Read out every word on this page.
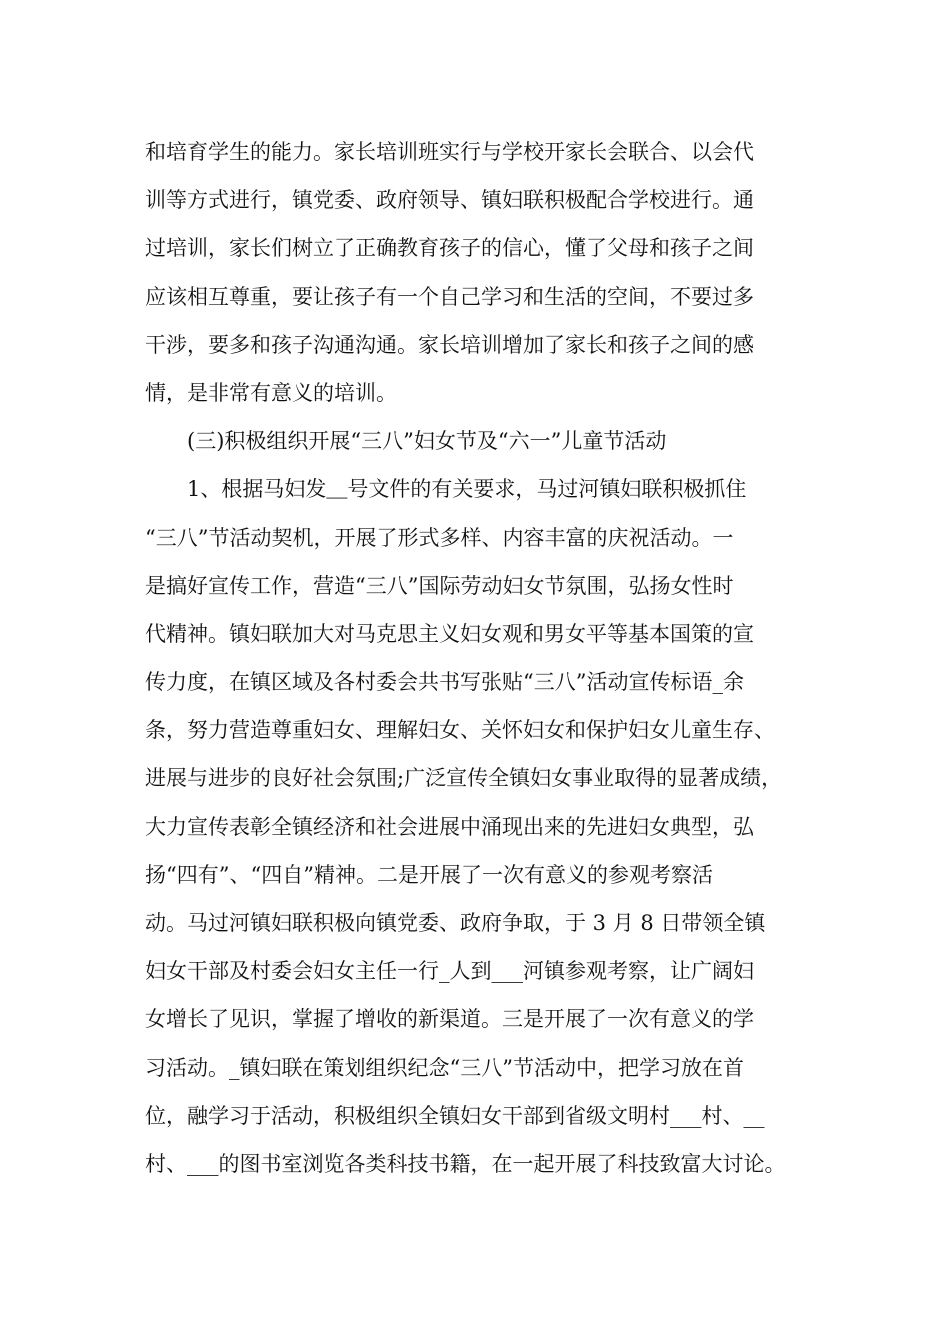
和培育学生的能力。家长培训班实行与学校开家长会联合、以会代
训等方式进行，镇党委、政府领导、镇妇联积极配合学校进行。通
过培训，家长们树立了正确教育孩子的信心，懂了父母和孩子之间
应该相互尊重，要让孩子有一个自己学习和生活的空间，不要过多
干涉，要多和孩子沟通沟通。家长培训增加了家长和孩子之间的感
情，是非常有意义的培训。
(三)积极组织开展“三八”妇女节及“六一”儿童节活动
1、根据马妇发＿号文件的有关要求，马过河镇妇联积极抓住
“三八”节活动契机，开展了形式多样、内容丰富的庆祝活动。一
是搞好宣传工作，营造“三八”国际劳动妇女节氛围，弘扬女性时
代精神。镇妇联加大对马克思主义妇女观和男女平等基本国策的宣
传力度，在镇区域及各村委会共书写张贴“三八”活动宣传标语_余
条，努力营造尊重妇女、理解妇女、关怀妇女和保护妇女儿童生存、
进展与进步的良好社会氛围;广泛宣传全镇妇女事业取得的显著成绩，
大力宣传表彰全镇经济和社会进展中涌现出来的先进妇女典型，弘
扬“四有”、“四自”精神。二是开展了一次有意义的参观考察活
动。马过河镇妇联积极向镇党委、政府争取，于 3 月 8 日带领全镇
妇女干部及村委会妇女主任一行_人到___河镇参观考察，让广阔妇
女增长了见识，掌握了增收的新渠道。三是开展了一次有意义的学
习活动。_镇妇联在策划组织纪念“三八”节活动中，把学习放在首
位，融学习于活动，积极组织全镇妇女干部到省级文明村___村、__
村、___的图书室浏览各类科技书籍，在一起开展了科技致富大讨论。
